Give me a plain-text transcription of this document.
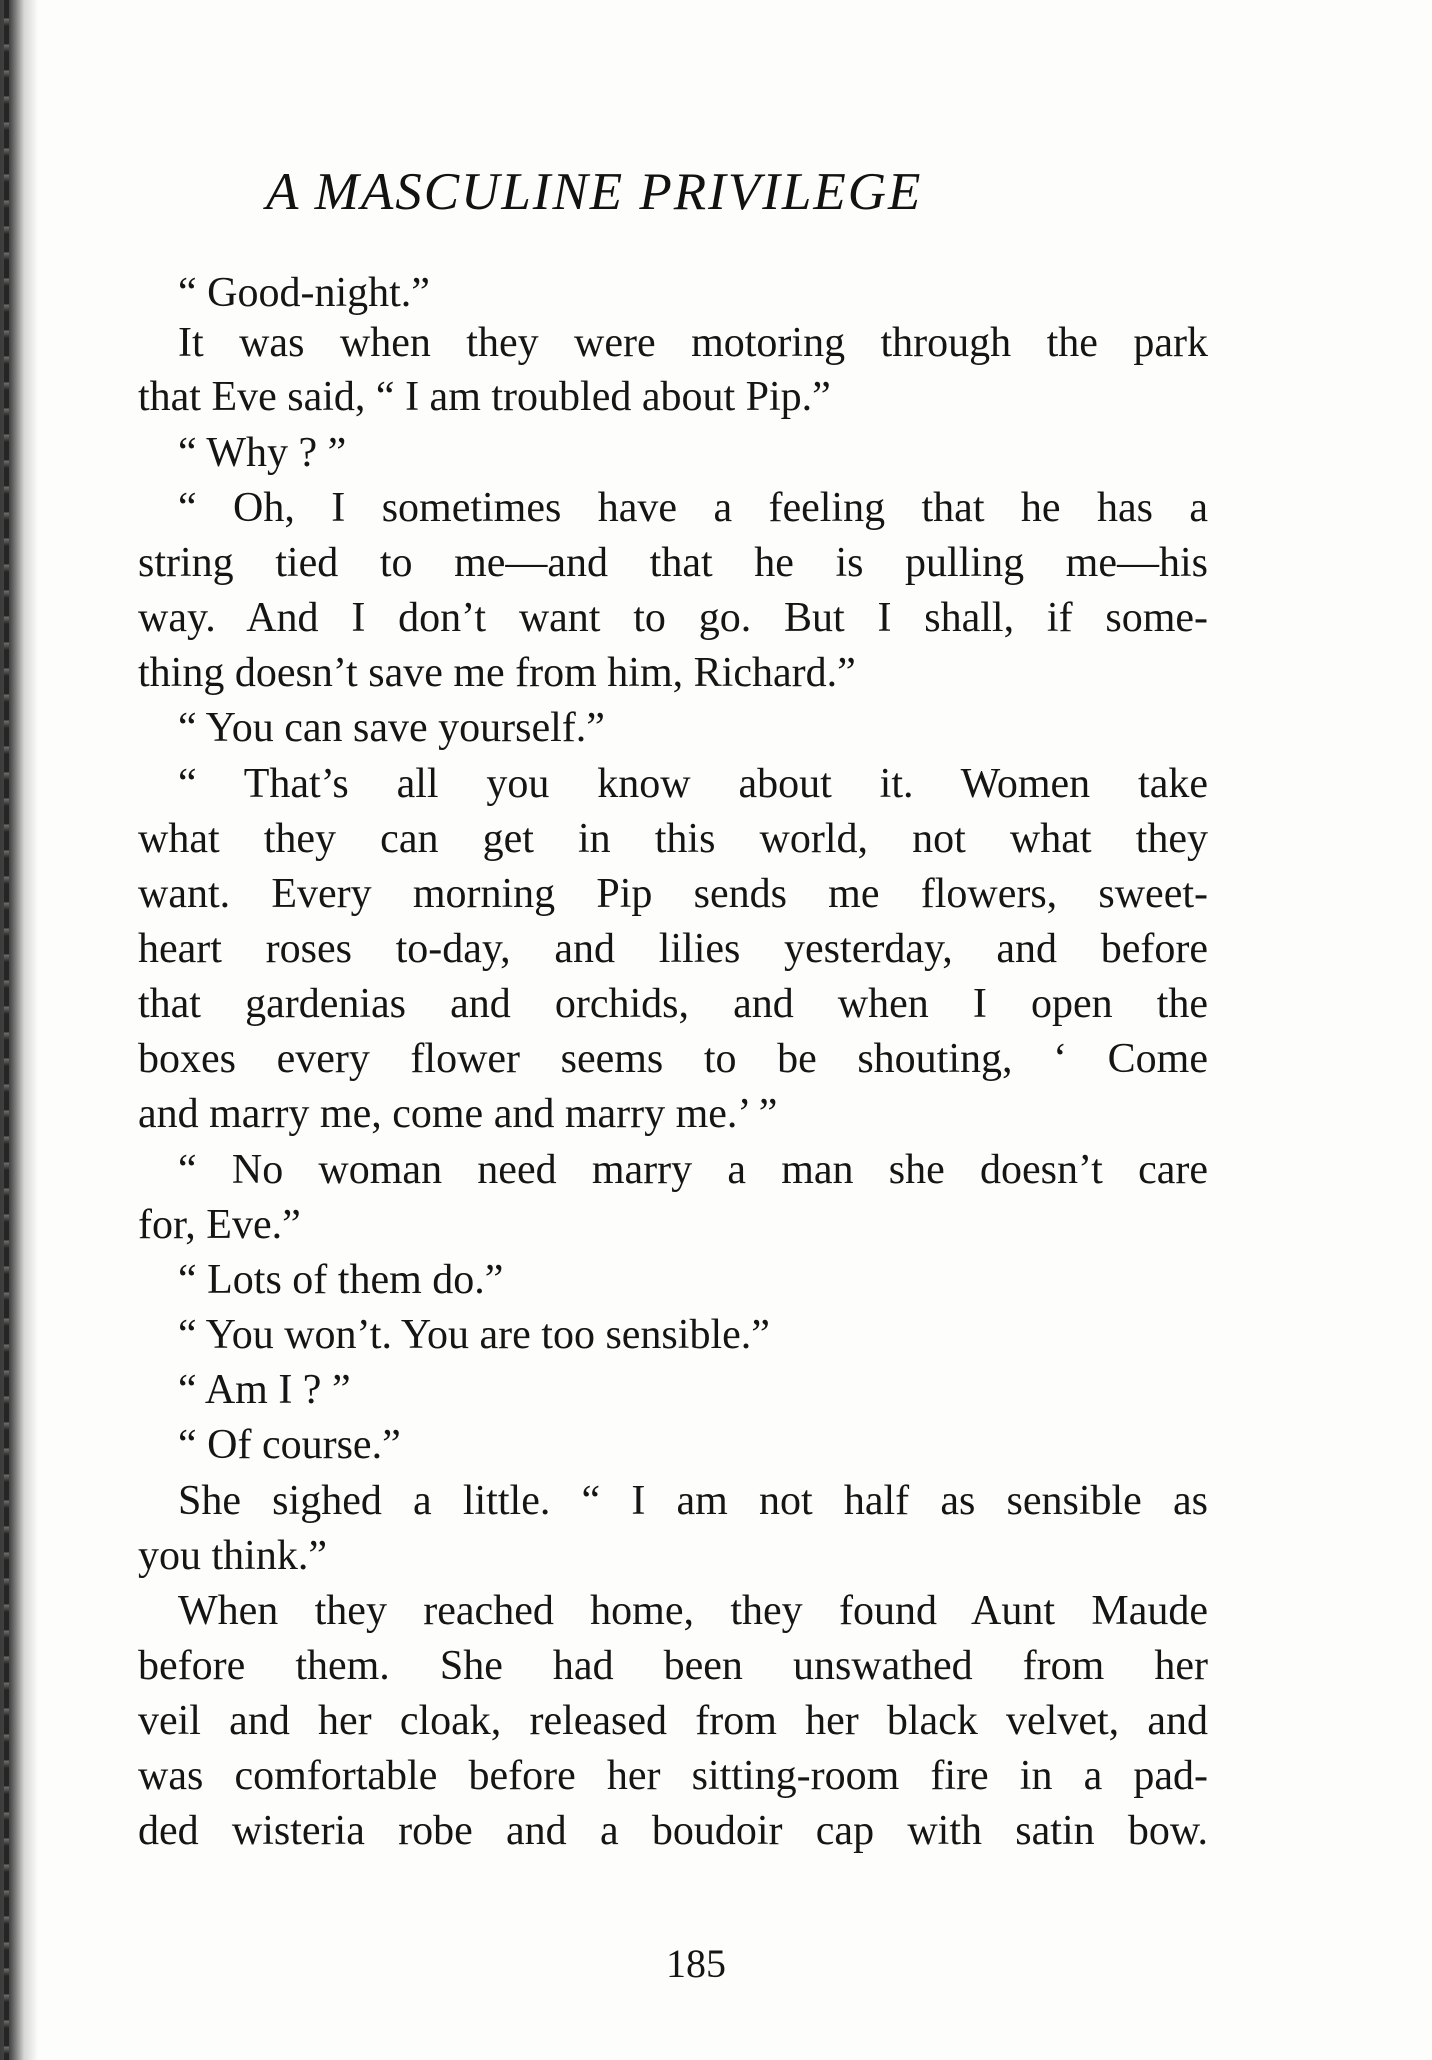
A MASCULINE PRIVILEGE
“ Good-night.”
It was when they were motoring through the park
that Eve said, “ I am troubled about Pip.”
“ Why ? ”
“ Oh, I sometimes have a feeling that he has a
string tied to me—and that he is pulling me—his
way. And I don’t want to go. But I shall, if some-
thing doesn’t save me from him, Richard.”
“ You can save yourself.”
“ That’s all you know about it. Women take
what they can get in this world, not what they
want. Every morning Pip sends me flowers, sweet-
heart roses to-day, and lilies yesterday, and before
that gardenias and orchids, and when I open the
boxes every flower seems to be shouting, ‘ Come
and marry me, come and marry me.’ ”
“ No woman need marry a man she doesn’t care
for, Eve.”
“ Lots of them do.”
“ You won’t. You are too sensible.”
“ Am I ? ”
“ Of course.”
She sighed a little. “ I am not half as sensible as
you think.”
When they reached home, they found Aunt Maude
before them. She had been unswathed from her
veil and her cloak, released from her black velvet, and
was comfortable before her sitting-room fire in a pad-
ded wisteria robe and a boudoir cap with satin bow.
185
